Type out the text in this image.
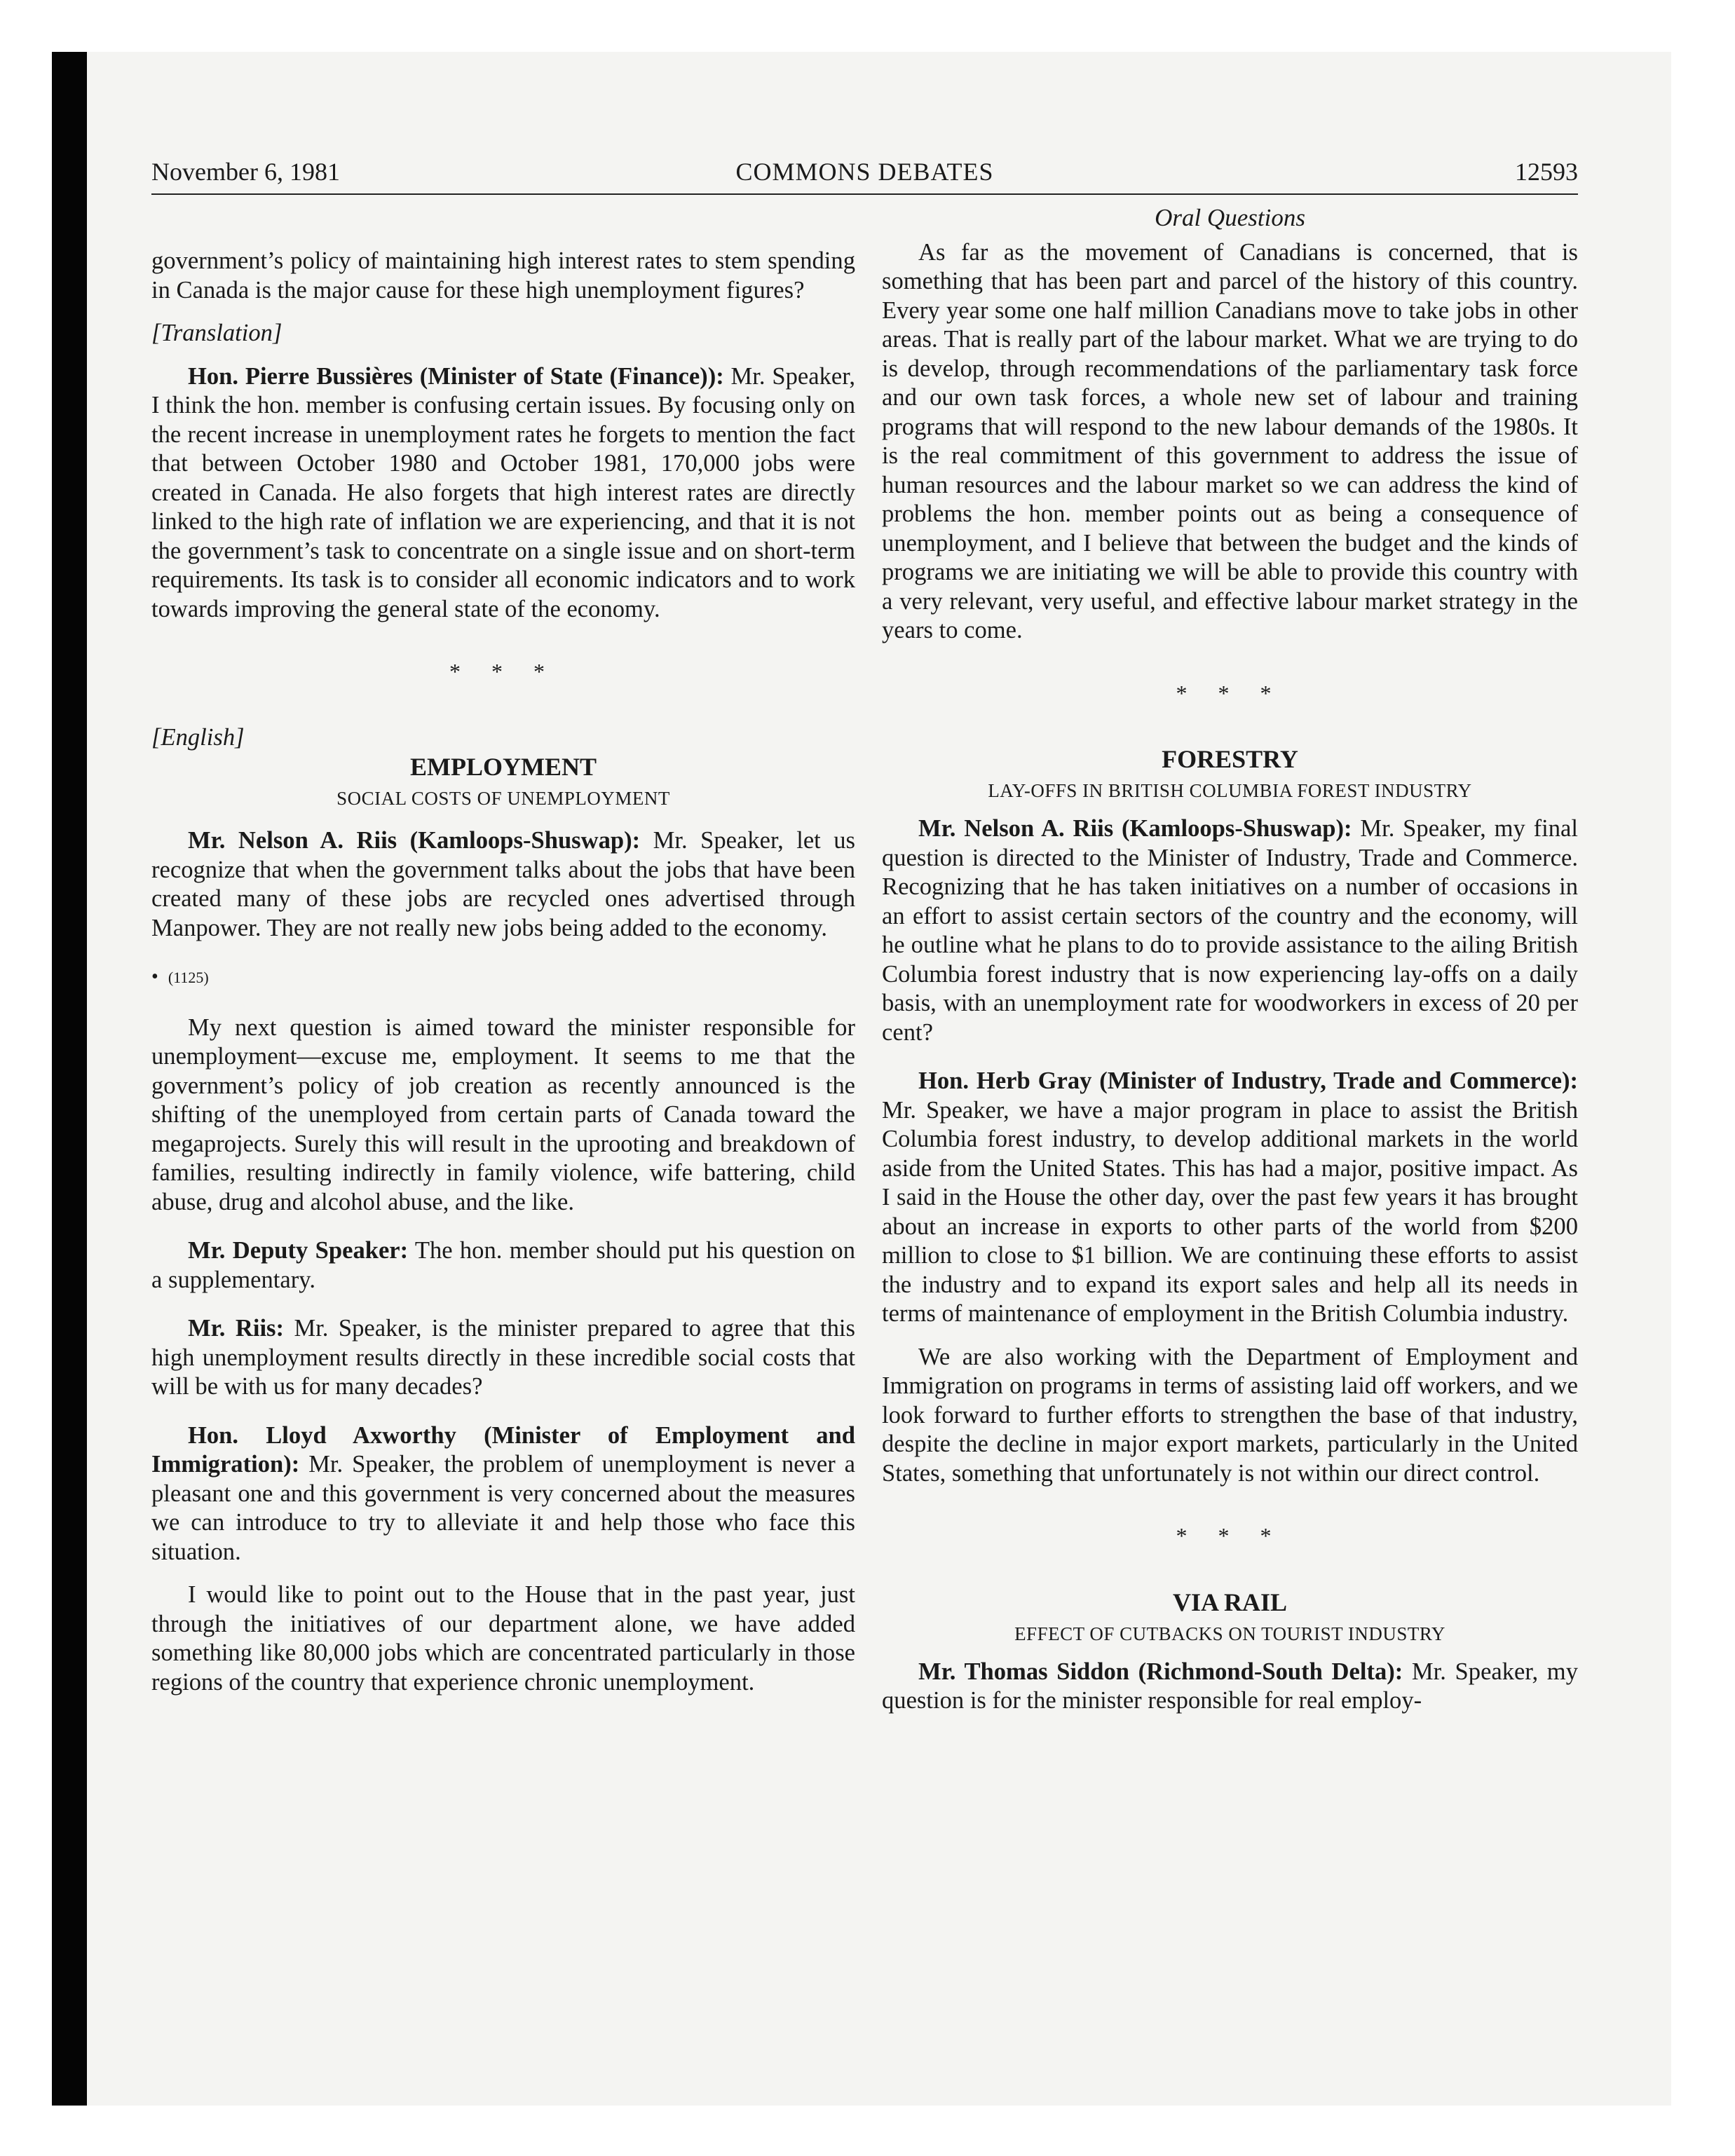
November 6, 1981	COMMONS DEBATES	12593

government’s policy of maintaining high interest rates to stem spending in Canada is the major cause for these high unemployment figures?

[Translation]

Hon. Pierre Bussières (Minister of State (Finance)): Mr. Speaker, I think the hon. member is confusing certain issues. By focusing only on the recent increase in unemployment rates he forgets to mention the fact that between October 1980 and October 1981, 170,000 jobs were created in Canada. He also forgets that high interest rates are directly linked to the high rate of inflation we are experiencing, and that it is not the government’s task to concentrate on a single issue and on short-term requirements. Its task is to consider all economic indicators and to work towards improving the general state of the economy.

* * *

[English]

EMPLOYMENT
SOCIAL COSTS OF UNEMPLOYMENT

Mr. Nelson A. Riis (Kamloops-Shuswap): Mr. Speaker, let us recognize that when the government talks about the jobs that have been created many of these jobs are recycled ones advertised through Manpower. They are not really new jobs being added to the economy.

• (1125)

My next question is aimed toward the minister responsible for unemployment—excuse me, employment. It seems to me that the government’s policy of job creation as recently announced is the shifting of the unemployed from certain parts of Canada toward the megaprojects. Surely this will result in the uprooting and breakdown of families, resulting indirectly in family violence, wife battering, child abuse, drug and alcohol abuse, and the like.

Mr. Deputy Speaker: The hon. member should put his question on a supplementary.

Mr. Riis: Mr. Speaker, is the minister prepared to agree that this high unemployment results directly in these incredible social costs that will be with us for many decades?

Hon. Lloyd Axworthy (Minister of Employment and Immigration): Mr. Speaker, the problem of unemployment is never a pleasant one and this government is very concerned about the measures we can introduce to try to alleviate it and help those who face this situation.

I would like to point out to the House that in the past year, just through the initiatives of our department alone, we have added something like 80,000 jobs which are concentrated particularly in those regions of the country that experience chronic unemployment.

Oral Questions

As far as the movement of Canadians is concerned, that is something that has been part and parcel of the history of this country. Every year some one half million Canadians move to take jobs in other areas. That is really part of the labour market. What we are trying to do is develop, through recommendations of the parliamentary task force and our own task forces, a whole new set of labour and training programs that will respond to the new labour demands of the 1980s. It is the real commitment of this government to address the issue of human resources and the labour market so we can address the kind of problems the hon. member points out as being a consequence of unemployment, and I believe that between the budget and the kinds of programs we are initiating we will be able to provide this country with a very relevant, very useful, and effective labour market strategy in the years to come.

* * *
FORESTRY
LAY-OFFS IN BRITISH COLUMBIA FOREST INDUSTRY

Mr. Nelson A. Riis (Kamloops-Shuswap): Mr. Speaker, my final question is directed to the Minister of Industry, Trade and Commerce. Recognizing that he has taken initiatives on a number of occasions in an effort to assist certain sectors of the country and the economy, will he outline what he plans to do to provide assistance to the ailing British Columbia forest industry that is now experiencing lay-offs on a daily basis, with an unemployment rate for woodworkers in excess of 20 per cent?

Hon. Herb Gray (Minister of Industry, Trade and Commerce): Mr. Speaker, we have a major program in place to assist the British Columbia forest industry, to develop additional markets in the world aside from the United States. This has had a major, positive impact. As I said in the House the other day, over the past few years it has brought about an increase in exports to other parts of the world from $200 million to close to $1 billion. We are continuing these efforts to assist the industry and to expand its export sales and help all its needs in terms of maintenance of employment in the British Columbia industry.

We are also working with the Department of Employment and Immigration on programs in terms of assisting laid off workers, and we look forward to further efforts to strengthen the base of that industry, despite the decline in major export markets, particularly in the United States, something that unfortunately is not within our direct control.

* * *
VIA RAIL
EFFECT OF CUTBACKS ON TOURIST INDUSTRY

Mr. Thomas Siddon (Richmond-South Delta): Mr. Speaker, my question is for the minister responsible for real employ-
